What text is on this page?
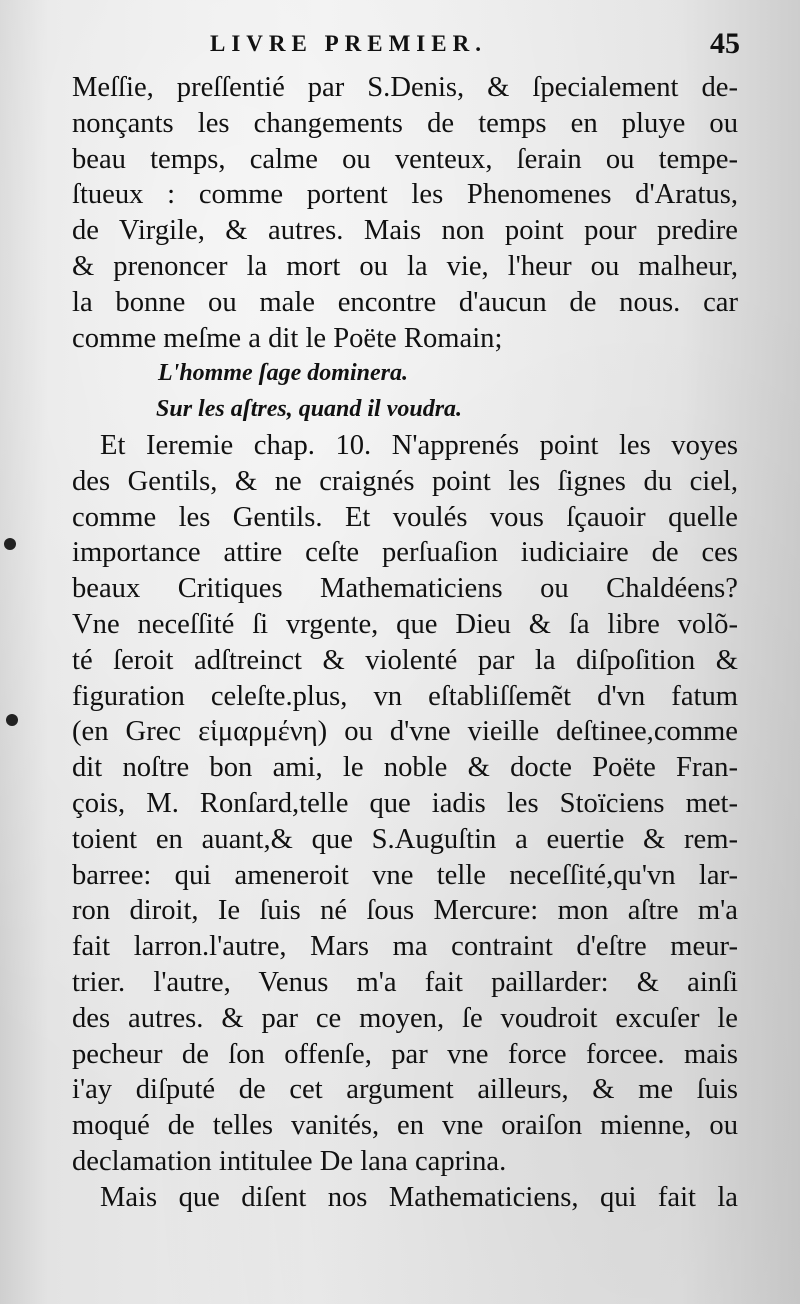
LIVRE PREMIER.	45

Meſſie, preſſentié par S.Denis, & ſpecialement de-
nonçants les changements de temps en pluye ou
beau temps, calme ou venteux, ſerain ou tempe-
ſtueux : comme portent les Phenomenes d'Aratus,
de Virgile, & autres. Mais non point pour predire
& prenoncer la mort ou la vie, l'heur ou malheur,
la bonne ou male encontre d'aucun de nous. car
comme meſme a dit le Poëte Romain;
L'homme ſage dominera.
Sur les aſtres, quand il voudra.
Et Ieremie chap. 10. N'apprenés point les voyes
des Gentils, & ne craignés point les ſignes du ciel,
comme les Gentils. Et voulés vous ſçauoir quelle
importance attire ceſte perſuaſion iudiciaire de ces
beaux Critiques Mathematiciens ou Chaldéens?
Vne neceſſité ſi vrgente, que Dieu & ſa libre volõ-
té ſeroit adſtreinct & violenté par la diſpoſition &
figuration celeſte.plus, vn eſtabliſſemẽt d'vn fatum
(en Grec εἱμαρμένη) ou d'vne vieille deſtinee,comme
dit noſtre bon ami, le noble & docte Poëte Fran-
çois, M. Ronſard,telle que iadis les Stoïciens met-
toient en auant,& que S.Auguſtin a euertie & rem-
barree: qui ameneroit vne telle neceſſité,qu'vn lar-
ron diroit, Ie ſuis né ſous Mercure: mon aſtre m'a
fait larron.l'autre, Mars ma contraint d'eſtre meur-
trier. l'autre, Venus m'a fait paillarder: & ainſi
des autres. & par ce moyen, ſe voudroit excuſer le
pecheur de ſon offenſe, par vne force forcee. mais
i'ay diſputé de cet argument ailleurs, & me ſuis
moqué de telles vanités, en vne oraiſon mienne, ou
declamation intitulee De lana caprina.
Mais que diſent nos Mathematiciens, qui fait la
